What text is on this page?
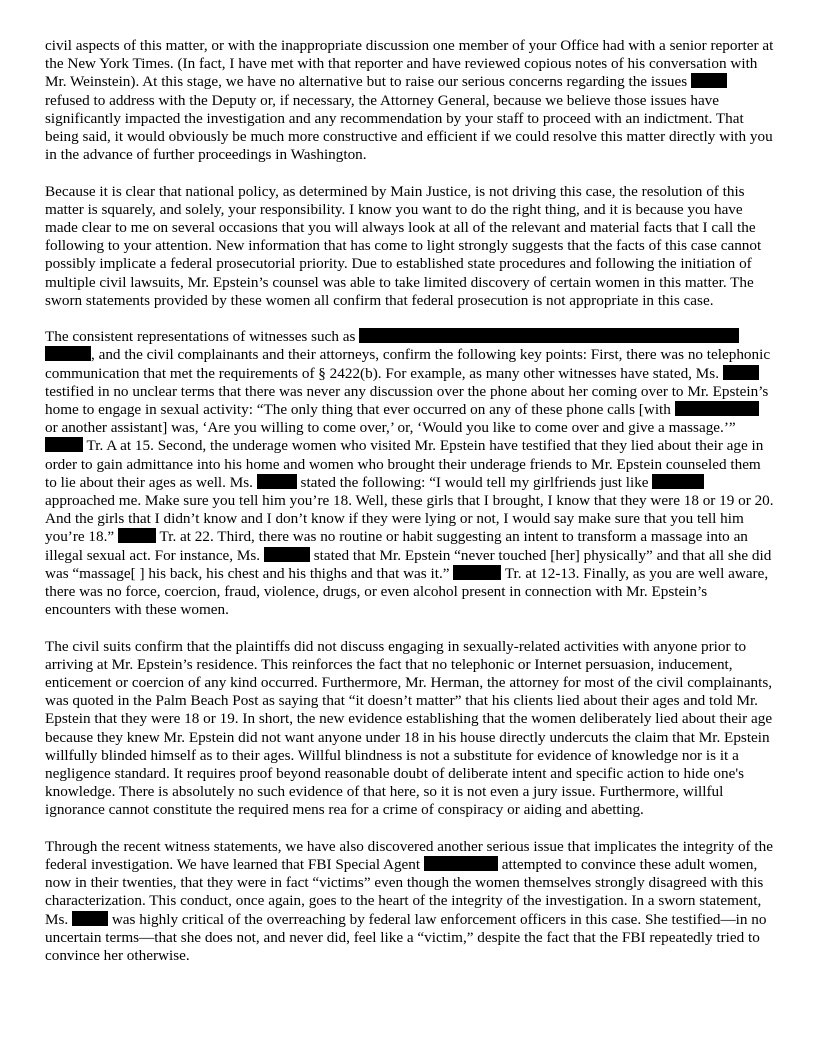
civil aspects of this matter, or with the inappropriate discussion one member of your Office had with a senior reporter at the New York Times. (In fact, I have met with that reporter and have reviewed copious notes of his conversation with Mr. Weinstein). At this stage, we have no alternative but to raise our serious concerns regarding the issues  refused to address with the Deputy or, if necessary, the Attorney General, because we believe those issues have significantly impacted the investigation and any recommendation by your staff to proceed with an indictment. That being said, it would obviously be much more constructive and efficient if we could resolve this matter directly with you in the advance of further proceedings in Washington.

Because it is clear that national policy, as determined by Main Justice, is not driving this case, the resolution of this matter is squarely, and solely, your responsibility. I know you want to do the right thing, and it is because you have made clear to me on several occasions that you will always look at all of the relevant and material facts that I call the following to your attention. New information that has come to light strongly suggests that the facts of this case cannot possibly implicate a federal prosecutorial priority. Due to established state procedures and following the initiation of multiple civil lawsuits, Mr. Epstein’s counsel was able to take limited discovery of certain women in this matter. The sworn statements provided by these women all confirm that federal prosecution is not appropriate in this case.

The consistent representations of witnesses such as  , and the civil complainants and their attorneys, confirm the following key points: First, there was no telephonic communication that met the requirements of § 2422(b). For example, as many other witnesses have stated, Ms.  testified in no unclear terms that there was never any discussion over the phone about her coming over to Mr. Epstein’s home to engage in sexual activity: “The only thing that ever occurred on any of these phone calls [with  or another assistant] was, ‘Are you willing to come over,’ or, ‘Would you like to come over and give a massage.’”  Tr. A at 15. Second, the underage women who visited Mr. Epstein have testified that they lied about their age in order to gain admittance into his home and women who brought their underage friends to Mr. Epstein counseled them to lie about their ages as well. Ms.	stated the following: “I would tell my girlfriends just like  approached me. Make sure you tell him you’re 18. Well, these girls that I brought, I know that they were 18 or 19 or 20. And the girls that I didn’t know and I don’t know if they were lying or not, I would say make sure that you tell him you’re 18.”	Tr. at 22. Third, there was no routine or habit suggesting an intent to transform a massage into an illegal sexual act. For instance, Ms.	stated that Mr. Epstein “never touched [her] physically” and that all she did was “massage[ ] his back, his chest and his thighs and that was it.”	Tr. at 12-13. Finally, as you are well aware, there was no force, coercion, fraud, violence, drugs, or even alcohol present in connection with Mr. Epstein’s encounters with these women.

The civil suits confirm that the plaintiffs did not discuss engaging in sexually-related activities with anyone prior to arriving at Mr. Epstein’s residence. This reinforces the fact that no telephonic or Internet persuasion, inducement, enticement or coercion of any kind occurred. Furthermore, Mr. Herman, the attorney for most of the civil complainants, was quoted in the Palm Beach Post as saying that “it doesn’t matter” that his clients lied about their ages and told Mr. Epstein that they were 18 or 19. In short, the new evidence establishing that the women deliberately lied about their age because they knew Mr. Epstein did not want anyone under 18 in his house directly undercuts the claim that Mr. Epstein willfully blinded himself as to their ages. Willful blindness is not a substitute for evidence of knowledge nor is it a negligence standard. It requires proof beyond reasonable doubt of deliberate intent and specific action to hide one's knowledge. There is absolutely no such evidence of that here, so it is not even a jury issue. Furthermore, willful ignorance cannot constitute the required mens rea for a crime of conspiracy or aiding and abetting.

Through the recent witness statements, we have also discovered another serious issue that implicates the integrity of the federal investigation. We have learned that FBI Special Agent	attempted to convince these adult women, now in their twenties, that they were in fact “victims” even though the women themselves strongly disagreed with this characterization. This conduct, once again, goes to the heart of the integrity of the investigation. In a sworn statement, Ms.  was highly critical of the overreaching by federal law enforcement officers in this case. She testified—in no uncertain terms—that she does not, and never did, feel like a “victim,” despite the fact that the FBI repeatedly tried to convince her otherwise.
